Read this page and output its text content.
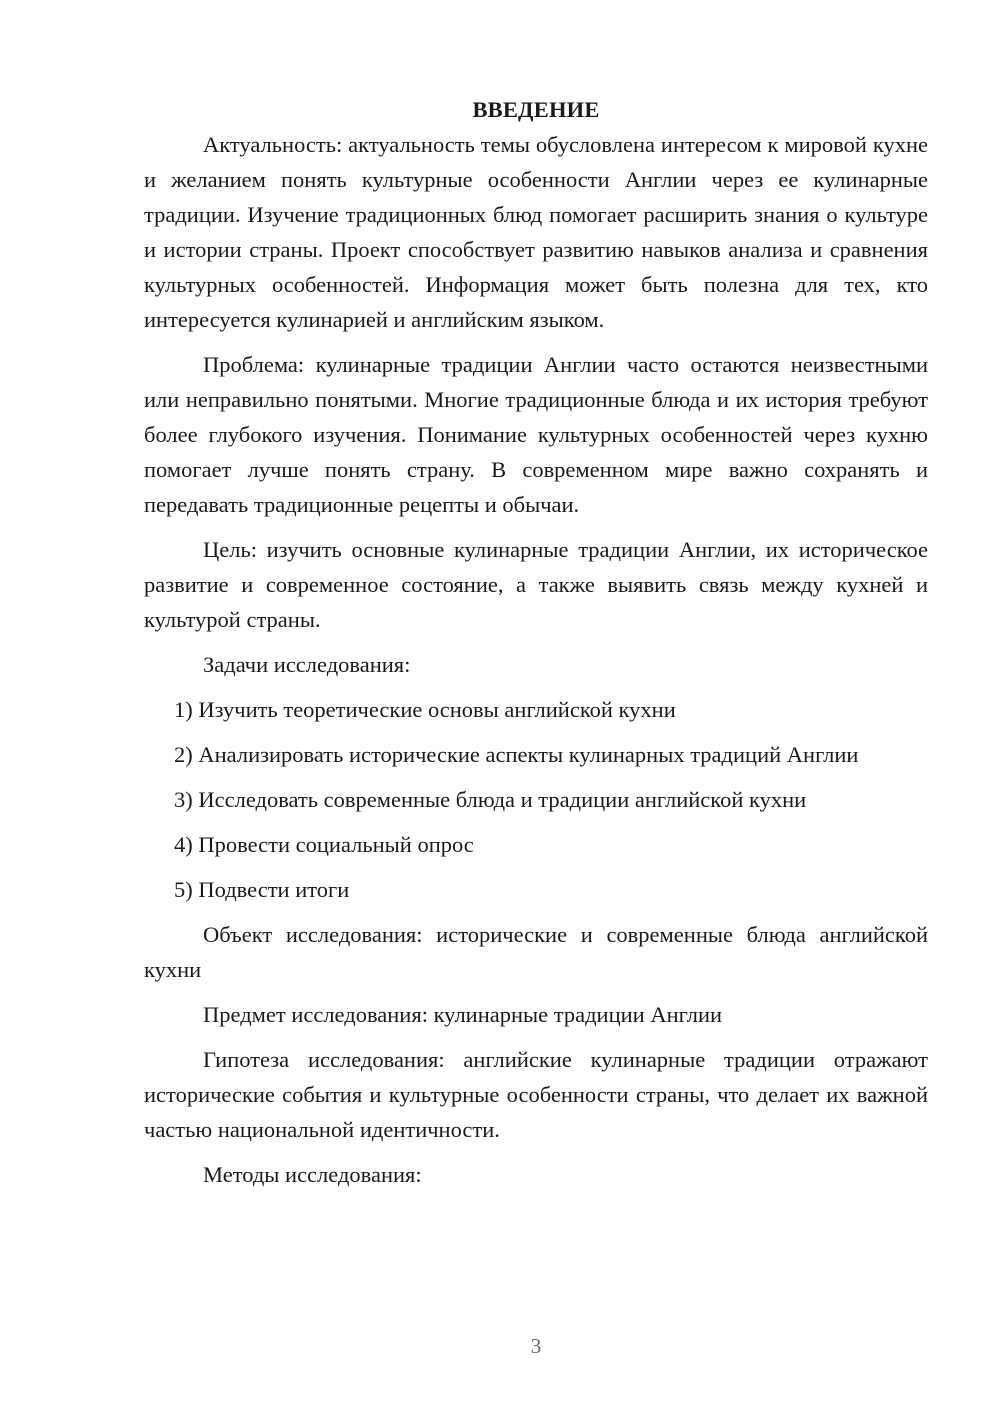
ВВЕДЕНИЕ

Актуальность: актуальность темы обусловлена интересом к мировой кухне и желанием понять культурные особенности Англии через ее кулинарные традиции. Изучение традиционных блюд помогает расширить знания о культуре и истории страны. Проект способствует развитию навыков анализа и сравнения культурных особенностей. Информация может быть полезна для тех, кто интересуется кулинарией и английским языком.

Проблема: кулинарные традиции Англии часто остаются неизвестными или неправильно понятыми. Многие традиционные блюда и их история требуют более глубокого изучения. Понимание культурных особенностей через кухню помогает лучше понять страну. В современном мире важно сохранять и передавать традиционные рецепты и обычаи.

Цель: изучить основные кулинарные традиции Англии, их историческое развитие и современное состояние, а также выявить связь между кухней и культурой страны.

Задачи исследования:

1) Изучить теоретические основы английской кухни

2) Анализировать исторические аспекты кулинарных традиций Англии

3) Исследовать современные блюда и традиции английской кухни

4) Провести социальный опрос

5) Подвести итоги

Объект исследования: исторические и современные блюда английской кухни

Предмет исследования: кулинарные традиции Англии

Гипотеза исследования: английские кулинарные традиции отражают исторические события и культурные особенности страны, что делает их важной частью национальной идентичности.

Методы исследования:

3
